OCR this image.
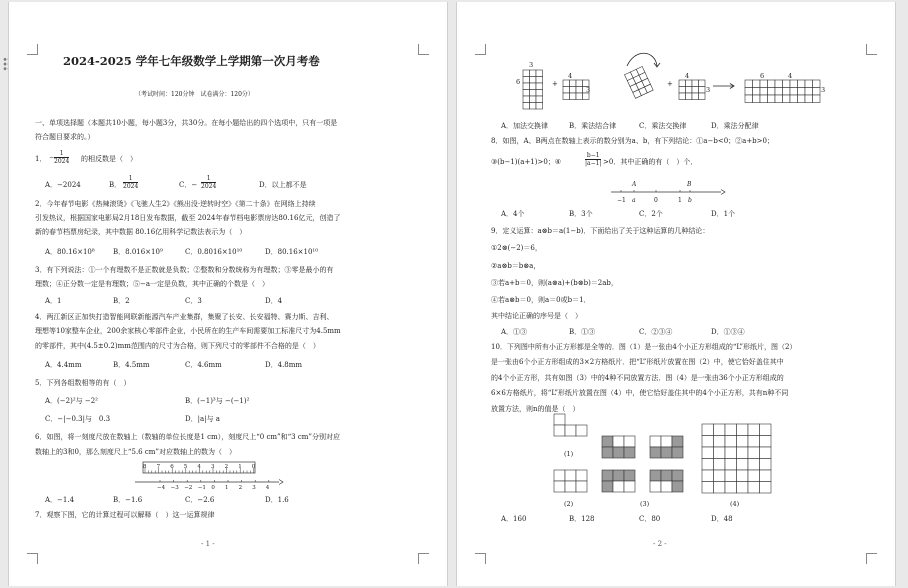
2024-2025 学年七年级数学上学期第一次月考卷
（考试时间：120分钟　试卷满分：120分）
一、单项选择题（本题共10小题，每小题3分，共30分。在每小题给出的四个选项中，只有一项是
符合题目要求的。）
1． − $\frac{1}{2024}$ 的相反数是（　）
A．−2024	B． $\frac{1}{2024}$	C．− $\frac{1}{2024}$	D．以上都不是
2．今年春节电影《热辣滚烫》《飞驰人生2》《熊出没·逆转时空》《第二十条》在网络上持续
引发热议，根据国家电影局2月18日发布数据，截至 2024年春节档电影票房达80.16亿元，创造了
新的春节档票房纪录，其中数据 80.16亿用科学记数法表示为（　）
A．80.16×10⁸	B．8.016×10⁹	C．0.8016×10¹⁰	D．80.16×10¹⁰
3．有下列说法：①一个有理数不是正数就是负数；②整数和分数统称为有理数；③零是最小的有
理数；④正分数一定是有理数；⑤−a一定是负数，其中正确的个数是（　）
A．1	B．2	C．3	D．4
4．两江新区正加快打造智能网联新能源汽车产业集群，集聚了长安、长安福特、赛力斯、吉利、
理想等10家整车企业，200余家核心零部件企业，小民所在的生产车间需要加工标准尺寸为4.5mm
的零部件，其中(4.5±0.2)mm范围内的尺寸为合格，则下列尺寸的零部件不合格的是（　）
A．4.4mm	B．4.5mm	C．4.6mm	D．4.8mm
5．下列各组数相等的有（　）
A．(−2)²与 −2²	B．(−1)³与 −(−1)²
C．−|−0.3|与　0.3	D．|a|与 a
6．如图，将一刻度尺放在数轴上（数轴的单位长度是1 cm），刻度尺上“0 cm”和“3 cm”分别对应
数轴上的3和0，那么刻度尺上“5.6 cm”对应数轴上的数为（　）
8 7 6 5 4 3 2 1 0
−4 −3 −2 −1 0 1 2 3 4
A．−1.4	B．−1.6	C．−2.6	D．1.6
7．观察下图，它的计算过程可以解释（　）这一运算规律
- 1 -
6
3
+
4
3
+
4
3
6	4
3
A．加法交换律	B．乘法结合律	C．乘法交换律	D．乘法分配律
8．如图，A、B两点在数轴上表示的数分别为a、b，有下列结论：①a−b<0；②a+b>0；
③(b−1)(a+1)>0；④	$\frac{b-1}{|a-1|} >0$．其中正确的有（　）个．
A	B
−1 a	0	1 b
A．4个	B．3个	C．2个	D．1个
9．定义运算：a⊗b＝a(1−b)．下面给出了关于这种运算的几种结论：
①2⊗(−2)＝6，
②a⊗b＝b⊗a，
③若a+b＝0，则(a⊗a)+(b⊗b)＝2ab，
④若a⊗b＝0，则a＝0或b＝1．
其中结论正确的序号是（　）
A．①③	B．①③	C．②③④	D．①③④
10．下列图中所有小正方形都是全等的．图（1）是一张由4个小正方形组成的“L”形纸片，图（2）
是一张由6个小正方形组成的3×2方格纸片．把“L”形纸片放置在图（2）中，使它恰好盖住其中
的4个小正方形，共有如图（3）中的4种不同放置方法．图（4）是一张由36个小正方形组成的
6×6方格纸片，将“L”形纸片放置在图（4）中，使它恰好盖住其中的4个小正方形，共有n种不同
放置方法，则n的值是（　）
(1)
(2)	(3)	(4)
A．160	B．128	C．80	D．48
- 2 -
